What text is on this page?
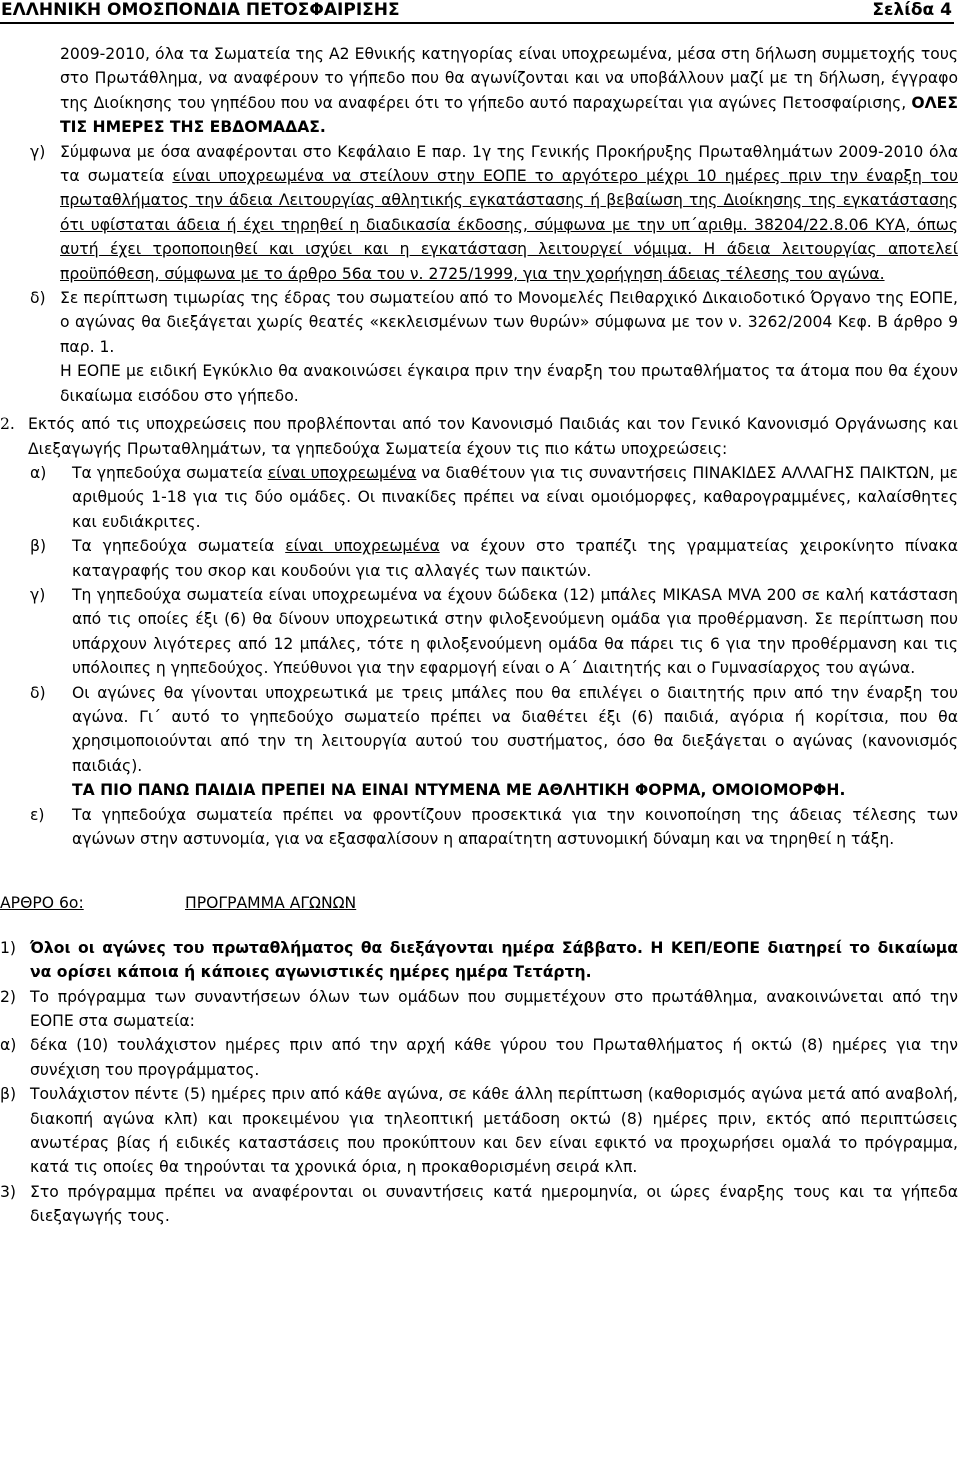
ΕΛΛΗΝΙΚΗ ΟΜΟΣΠΟΝΔΙΑ ΠΕΤΟΣΦΑΙΡΙΣΗΣ	Σελίδα 4

2009-2010, όλα τα Σωματεία της Α2 Εθνικής κατηγορίας είναι υποχρεωμένα, μέσα στη δήλωση συμμετοχής τους στο Πρωτάθλημα, να αναφέρουν το γήπεδο που θα αγωνίζονται και να υποβάλλουν μαζί με τη δήλωση, έγγραφο της Διοίκησης του γηπέδου που να αναφέρει ότι το γήπεδο αυτό παραχωρείται για αγώνες Πετοσφαίρισης, ΟΛΕΣ ΤΙΣ ΗΜΕΡΕΣ ΤΗΣ ΕΒΔΟΜΑΔΑΣ.

γ) Σύμφωνα με όσα αναφέρονται στο Κεφάλαιο Ε παρ. 1γ της Γενικής Προκήρυξης Πρωταθλημάτων 2009-2010 όλα τα σωματεία είναι υποχρεωμένα να στείλουν στην ΕΟΠΕ το αργότερο μέχρι 10 ημέρες πριν την έναρξη του πρωταθλήματος την άδεια Λειτουργίας αθλητικής εγκατάστασης ή βεβαίωση της Διοίκησης της εγκατάστασης ότι υφίσταται άδεια ή έχει τηρηθεί η διαδικασία έκδοσης, σύμφωνα με την υπ΄αριθμ. 38204/22.8.06 ΚΥΑ, όπως αυτή έχει τροποποιηθεί και ισχύει και η εγκατάσταση λειτουργεί νόμιμα. Η άδεια λειτουργίας αποτελεί προϋπόθεση, σύμφωνα με το άρθρο 56α του ν. 2725/1999, για την χορήγηση άδειας τέλεσης του αγώνα.
δ) Σε περίπτωση τιμωρίας της έδρας του σωματείου από το Μονομελές Πειθαρχικό Δικαιοδοτικό Όργανο της ΕΟΠΕ, ο αγώνας θα διεξάγεται χωρίς θεατές «κεκλεισμένων των θυρών» σύμφωνα με τον ν. 3262/2004 Κεφ. Β άρθρο 9 παρ. 1.

Η ΕΟΠΕ με ειδική Εγκύκλιο θα ανακοινώσει έγκαιρα πριν την έναρξη του πρωταθλήματος τα άτομα που θα έχουν δικαίωμα εισόδου στο γήπεδο.

2. Εκτός από τις υποχρεώσεις που προβλέπονται από τον Κανονισμό Παιδιάς και τον Γενικό Κανονισμό Οργάνωσης και Διεξαγωγής Πρωταθλημάτων, τα γηπεδούχα Σωματεία έχουν τις πιο κάτω υποχρεώσεις:
α)	Τα γηπεδούχα σωματεία είναι υποχρεωμένα να διαθέτουν για τις συναντήσεις ΠΙΝΑΚΙΔΕΣ ΑΛΛΑΓΗΣ ΠΑΙΚΤΩΝ, με αριθμούς 1-18 για τις δύο ομάδες. Οι πινακίδες πρέπει να είναι ομοιόμορφες, καθαρογραμμένες, καλαίσθητες και ευδιάκριτες.
β)	Τα γηπεδούχα σωματεία είναι υποχρεωμένα να έχουν στο τραπέζι της γραμματείας χειροκίνητο πίνακα καταγραφής του σκορ και κουδούνι για τις αλλαγές των παικτών.
γ)	Τη γηπεδούχα σωματεία είναι υποχρεωμένα να έχουν δώδεκα (12) μπάλες MIKASA MVA 200 σε καλή κατάσταση από τις οποίες έξι (6) θα δίνουν υποχρεωτικά στην φιλοξενούμενη ομάδα για προθέρμανση. Σε περίπτωση που υπάρχουν λιγότερες από 12 μπάλες, τότε η φιλοξενούμενη ομάδα θα πάρει τις 6 για την προθέρμανση και τις υπόλοιπες η γηπεδούχος. Υπεύθυνοι για την εφαρμογή είναι ο Α΄ Διαιτητής και ο Γυμνασίαρχος του αγώνα.
δ)	Οι αγώνες θα γίνονται υποχρεωτικά με τρεις μπάλες που θα επιλέγει ο διαιτητής πριν από την έναρξη του αγώνα. Γι΄ αυτό το γηπεδούχο σωματείο πρέπει να διαθέτει έξι (6) παιδιά, αγόρια ή κορίτσια, που θα χρησιμοποιούνται από την τη λειτουργία αυτού του συστήματος, όσο θα διεξάγεται ο αγώνας (κανονισμός παιδιάς).
ΤΑ ΠΙΟ ΠΑΝΩ ΠΑΙΔΙΑ ΠΡΕΠΕΙ ΝΑ ΕΙΝΑΙ ΝΤΥΜΕΝΑ ΜΕ ΑΘΛΗΤΙΚΗ ΦΟΡΜΑ, ΟΜΟΙΟΜΟΡΦΗ.
ε)	Τα γηπεδούχα σωματεία πρέπει να φροντίζουν προσεκτικά για την κοινοποίηση της άδειας τέλεσης των αγώνων στην αστυνομία, για να εξασφαλίσουν η απαραίτητη αστυνομική δύναμη και να τηρηθεί η τάξη.
ΑΡΘΡΟ 6ο:	ΠΡΟΓΡΑΜΜΑ ΑΓΩΝΩΝ
1) Όλοι οι αγώνες του πρωταθλήματος θα διεξάγονται ημέρα Σάββατο. Η ΚΕΠ/ΕΟΠΕ διατηρεί το δικαίωμα να ορίσει κάποια ή κάποιες αγωνιστικές ημέρες ημέρα Τετάρτη.
2) Το πρόγραμμα των συναντήσεων όλων των ομάδων που συμμετέχουν στο πρωτάθλημα, ανακοινώνεται από την ΕΟΠΕ στα σωματεία:
α) δέκα (10) τουλάχιστον ημέρες πριν από την αρχή κάθε γύρου του Πρωταθλήματος ή οκτώ (8) ημέρες για την συνέχιση του προγράμματος.
β) Τουλάχιστον πέντε (5) ημέρες πριν από κάθε αγώνα, σε κάθε άλλη περίπτωση (καθορισμός αγώνα μετά από αναβολή, διακοπή αγώνα κλπ) και προκειμένου για τηλεοπτική μετάδοση οκτώ (8) ημέρες πριν, εκτός από περιπτώσεις ανωτέρας βίας ή ειδικές καταστάσεις που προκύπτουν και δεν είναι εφικτό να προχωρήσει ομαλά το πρόγραμμα, κατά τις οποίες θα τηρούνται τα χρονικά όρια, η προκαθορισμένη σειρά κλπ.
3) Στο πρόγραμμα πρέπει να αναφέρονται οι συναντήσεις κατά ημερομηνία, οι ώρες έναρξης τους και τα γήπεδα διεξαγωγής τους.
